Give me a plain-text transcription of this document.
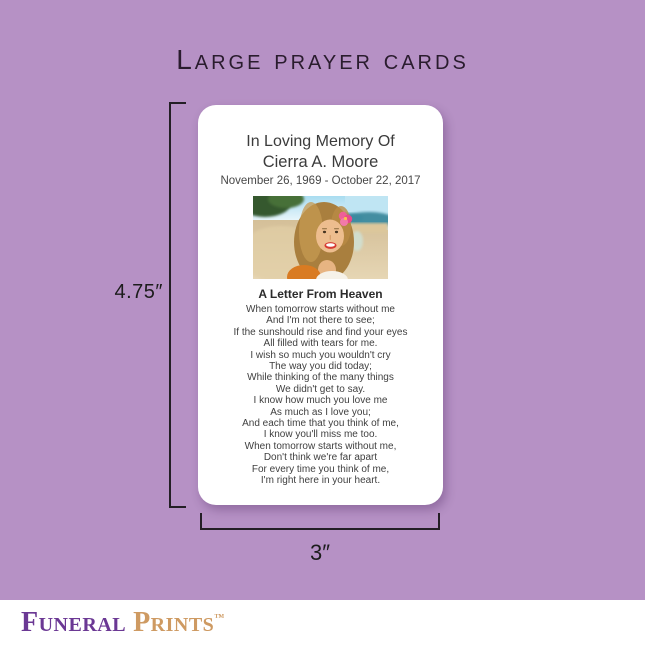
Large prayer cards
4.75″
3″
In Loving Memory Of
Cierra A. Moore
November 26, 1969 - October 22, 2017
A Letter From Heaven
When tomorrow starts without me
And I'm not there to see;
If the sunshould rise and find your eyes
All filled with tears for me.
I wish so much you wouldn't cry
The way you did today;
While thinking of the many things
We didn't get to say.
I know how much you love me
As much as I love you;
And each time that you think of me,
I know you'll miss me too.
When tomorrow starts without me,
Don't think we're far apart
For every time you think of me,
I'm right here in your heart.
Funeral Prints™
